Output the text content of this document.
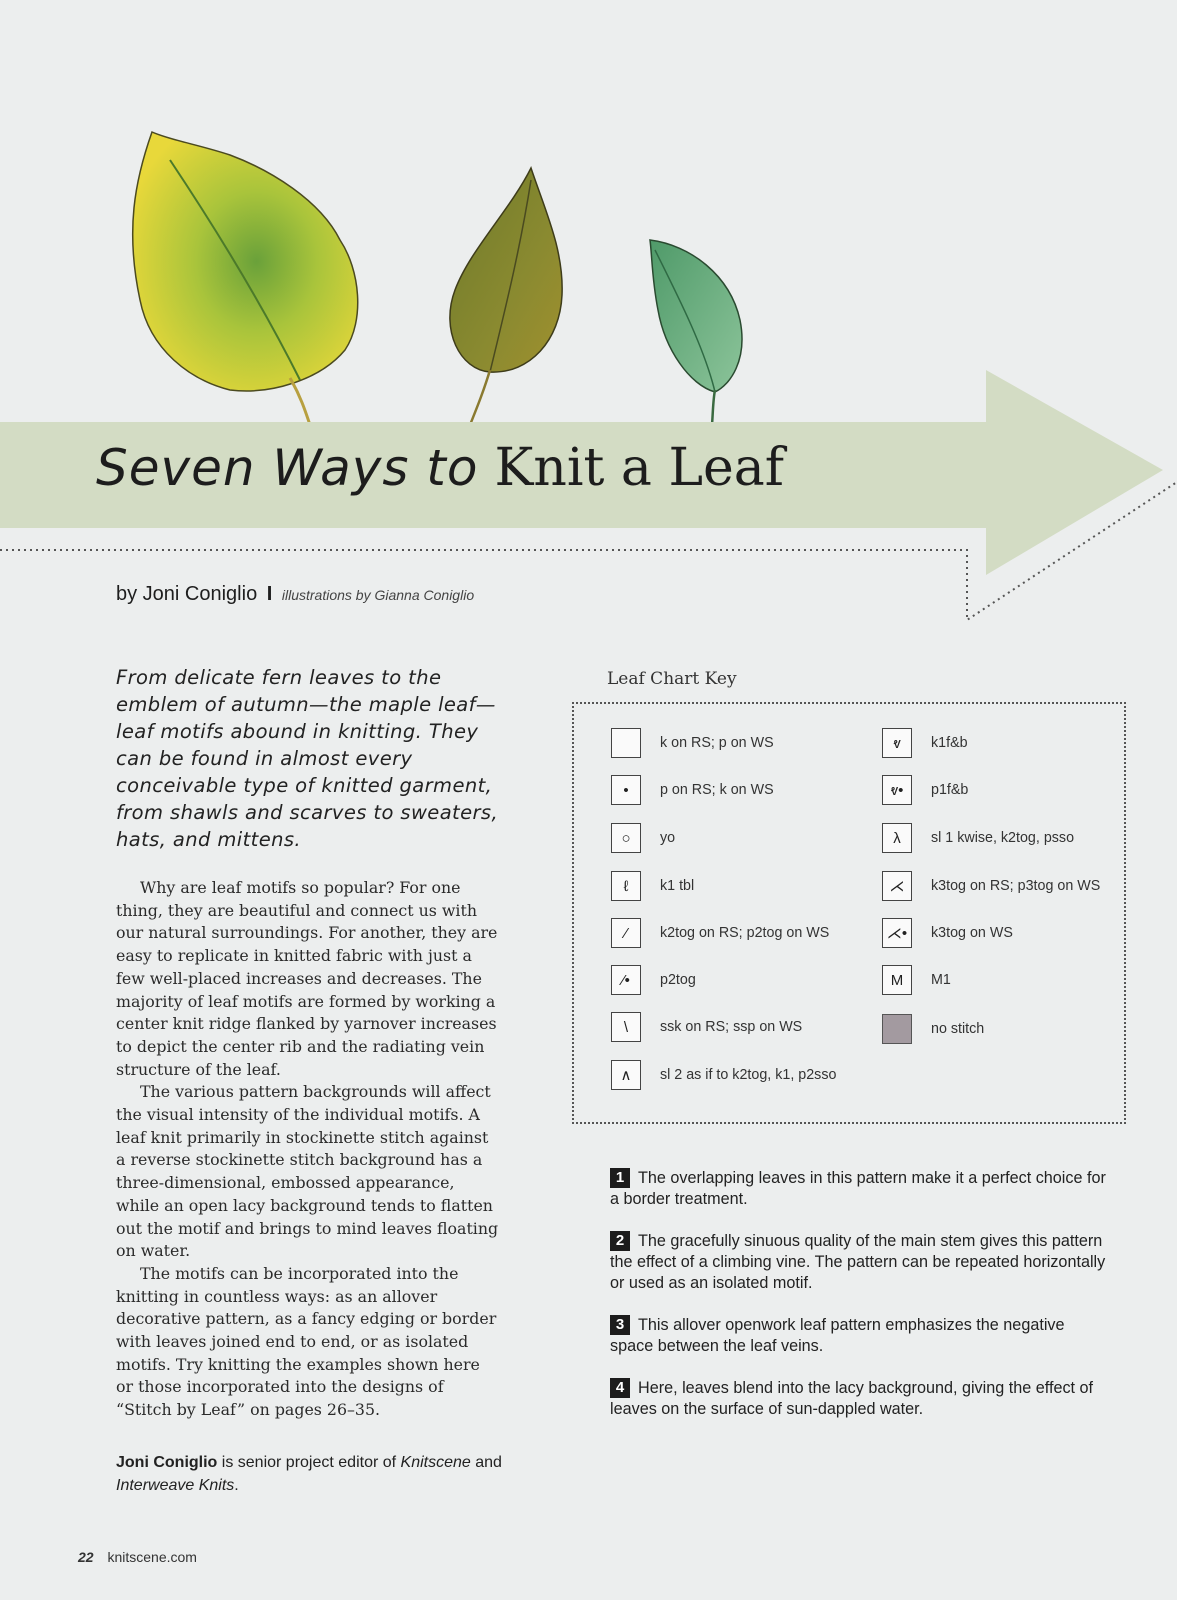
Seven Ways to Knit a Leaf
by Joni Coniglio I illustrations by Gianna Coniglio
From delicate fern leaves to the emblem of autumn—the maple leaf—leaf motifs abound in knitting. They can be found in almost every conceivable type of knitted garment, from shawls and scarves to sweaters, hats, and mittens.

Why are leaf motifs so popular? For one thing, they are beautiful and connect us with our natural surroundings. For another, they are easy to replicate in knitted fabric with just a few well-placed increases and decreases. The majority of leaf motifs are formed by working a center knit ridge flanked by yarnover increases to depict the center rib and the radiating vein structure of the leaf.

The various pattern backgrounds will affect the visual intensity of the individual motifs. A leaf knit primarily in stockinette stitch against a reverse stockinette stitch background has a three-dimensional, embossed appearance, while an open lacy background tends to flatten out the motif and brings to mind leaves floating on water.

The motifs can be incorporated into the knitting in countless ways: as an allover decorative pattern, as a fancy edging or border with leaves joined end to end, or as isolated motifs. Try knitting the examples shown here or those incorporated into the designs of “Stitch by Leaf” on pages 26–35.

Joni Coniglio is senior project editor of Knitscene and Interweave Knits.
Leaf Chart Key
k on RS; p on WS
•	p on RS; k on WS
○	yo
ℓ	k1 tbl
⁄	k2tog on RS; p2tog on WS
⁄•	p2tog
\	ssk on RS; ssp on WS
∧	sl 2 as if to k2tog, k1, p2sso
ⱴ	k1f&b
ⱴ•	p1f&b
λ	sl 1 kwise, k2tog, psso
⋌	k3tog on RS; p3tog on WS
⋌•	k3tog on WS
M	M1
no stitch
1 The overlapping leaves in this pattern make it a perfect choice for a border treatment.
2 The gracefully sinuous quality of the main stem gives this pattern the effect of a climbing vine. The pattern can be repeated horizontally or used as an isolated motif.
3 This allover openwork leaf pattern emphasizes the negative space between the leaf veins.
4 Here, leaves blend into the lacy background, giving the effect of leaves on the surface of sun-dappled water.
22 knitscene.com
